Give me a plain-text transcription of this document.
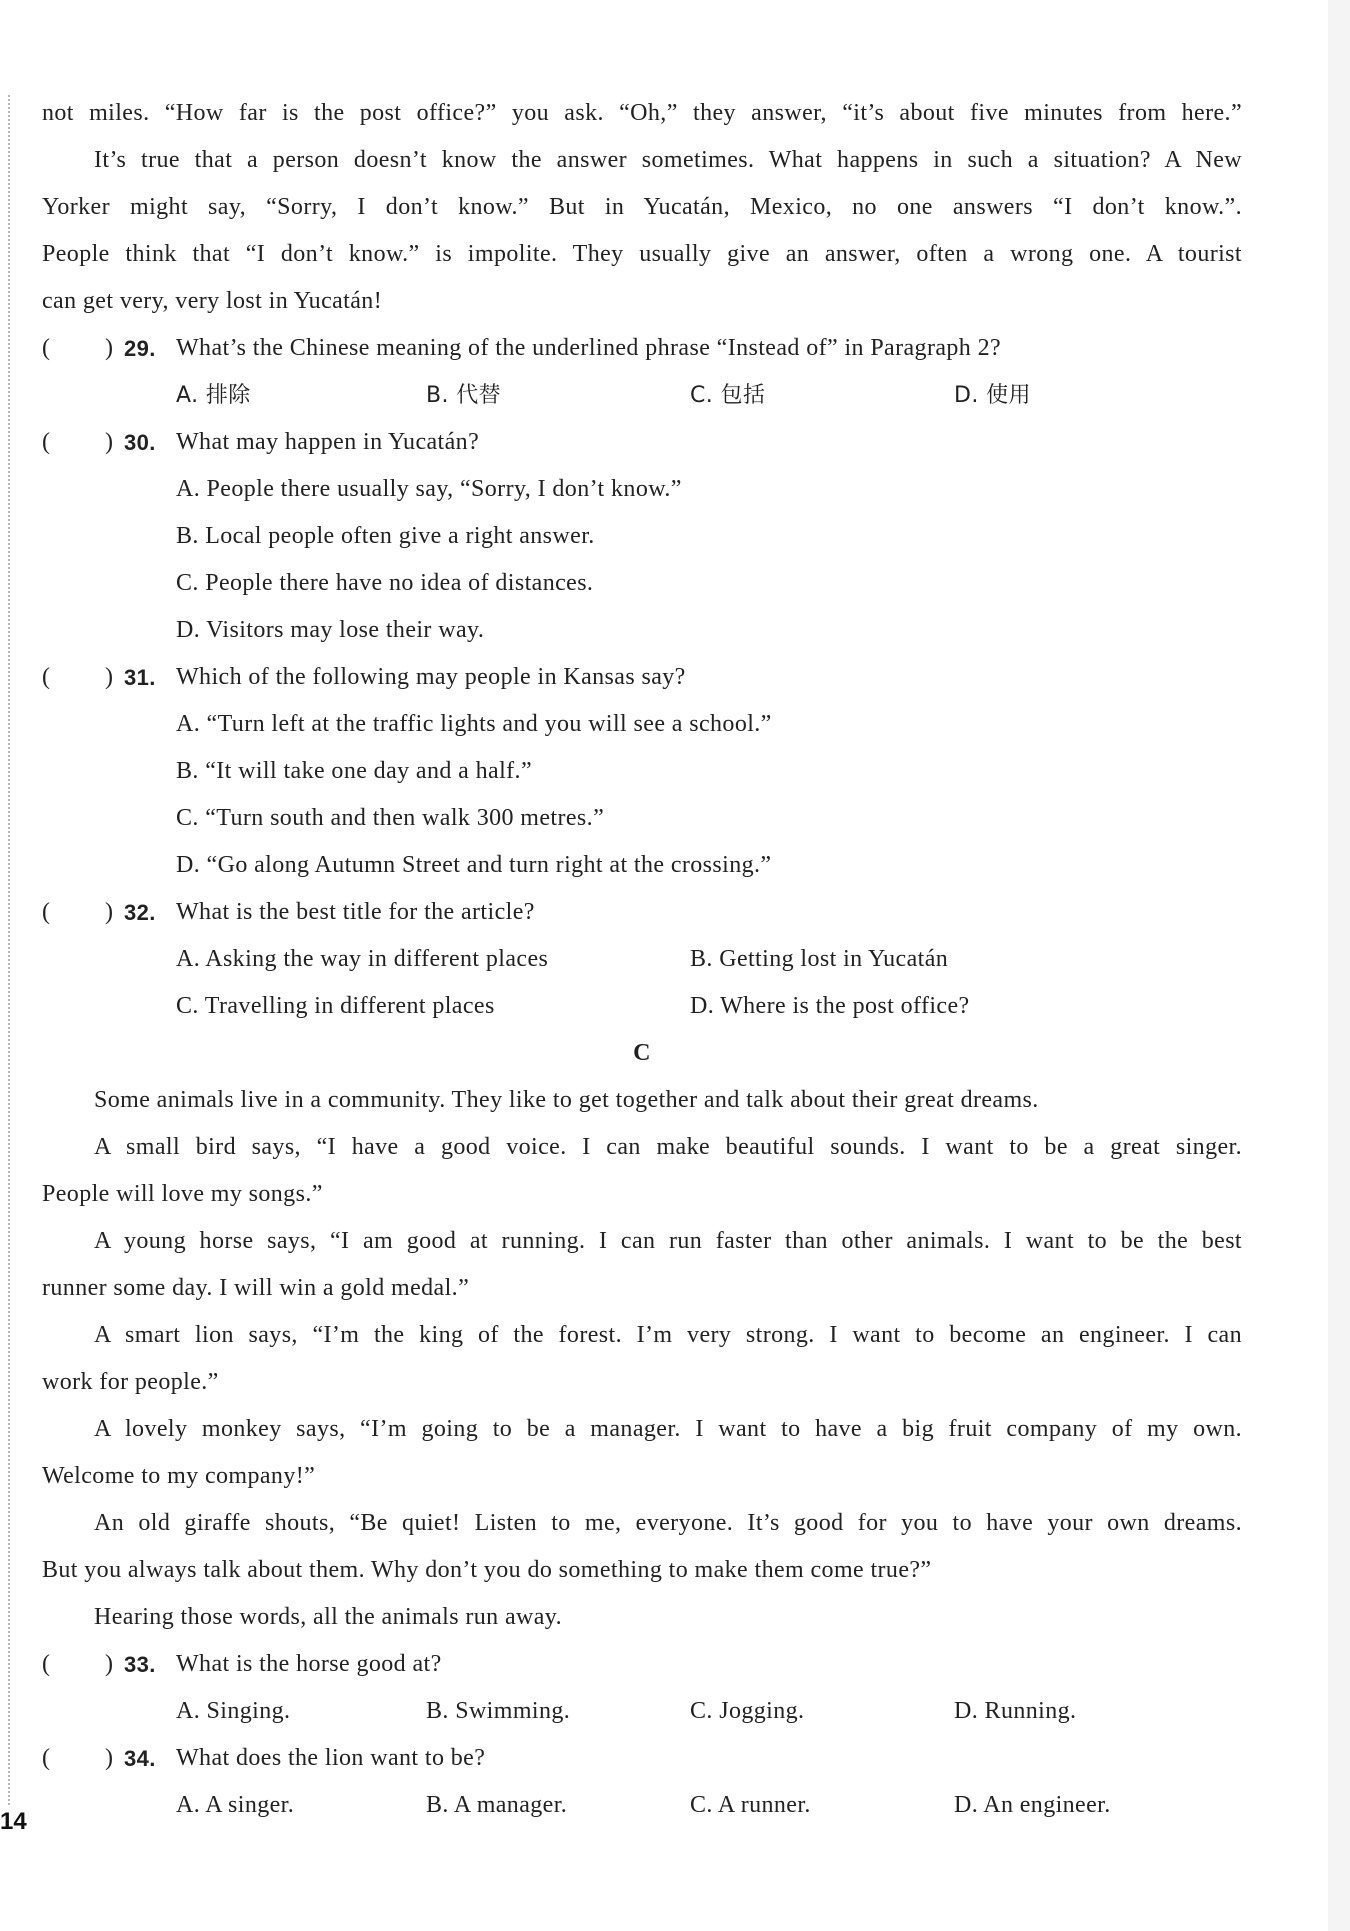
not miles. “How far is the post office?” you ask. “Oh,” they answer, “it’s about five minutes from here.”
It’s true that a person doesn’t know the answer sometimes. What happens in such a situation? A New
Yorker might say, “Sorry, I don’t know.” But in Yucatán, Mexico, no one answers “I don’t know.”.
People think that “I don’t know.” is impolite. They usually give an answer, often a wrong one. A tourist
can get very, very lost in Yucatán!
( ) 29. What’s the Chinese meaning of the underlined phrase “Instead of” in Paragraph 2?
A. 排除	B. 代替	C. 包括	D. 使用
( ) 30. What may happen in Yucatán?
A. People there usually say, “Sorry, I don’t know.”
B. Local people often give a right answer.
C. People there have no idea of distances.
D. Visitors may lose their way.
( ) 31. Which of the following may people in Kansas say?
A. “Turn left at the traffic lights and you will see a school.”
B. “It will take one day and a half.”
C. “Turn south and then walk 300 metres.”
D. “Go along Autumn Street and turn right at the crossing.”
( ) 32. What is the best title for the article?
A. Asking the way in different places	B. Getting lost in Yucatán
C. Travelling in different places	D. Where is the post office?
C
Some animals live in a community. They like to get together and talk about their great dreams.
A small bird says, “I have a good voice. I can make beautiful sounds. I want to be a great singer.
People will love my songs.”
A young horse says, “I am good at running. I can run faster than other animals. I want to be the best
runner some day. I will win a gold medal.”
A smart lion says, “I’m the king of the forest. I’m very strong. I want to become an engineer. I can
work for people.”
A lovely monkey says, “I’m going to be a manager. I want to have a big fruit company of my own.
Welcome to my company!”
An old giraffe shouts, “Be quiet! Listen to me, everyone. It’s good for you to have your own dreams.
But you always talk about them. Why don’t you do something to make them come true?”
Hearing those words, all the animals run away.
( ) 33. What is the horse good at?
A. Singing.	B. Swimming.	C. Jogging.	D. Running.
( ) 34. What does the lion want to be?
A. A singer.	B. A manager.	C. A runner.	D. An engineer.
14
